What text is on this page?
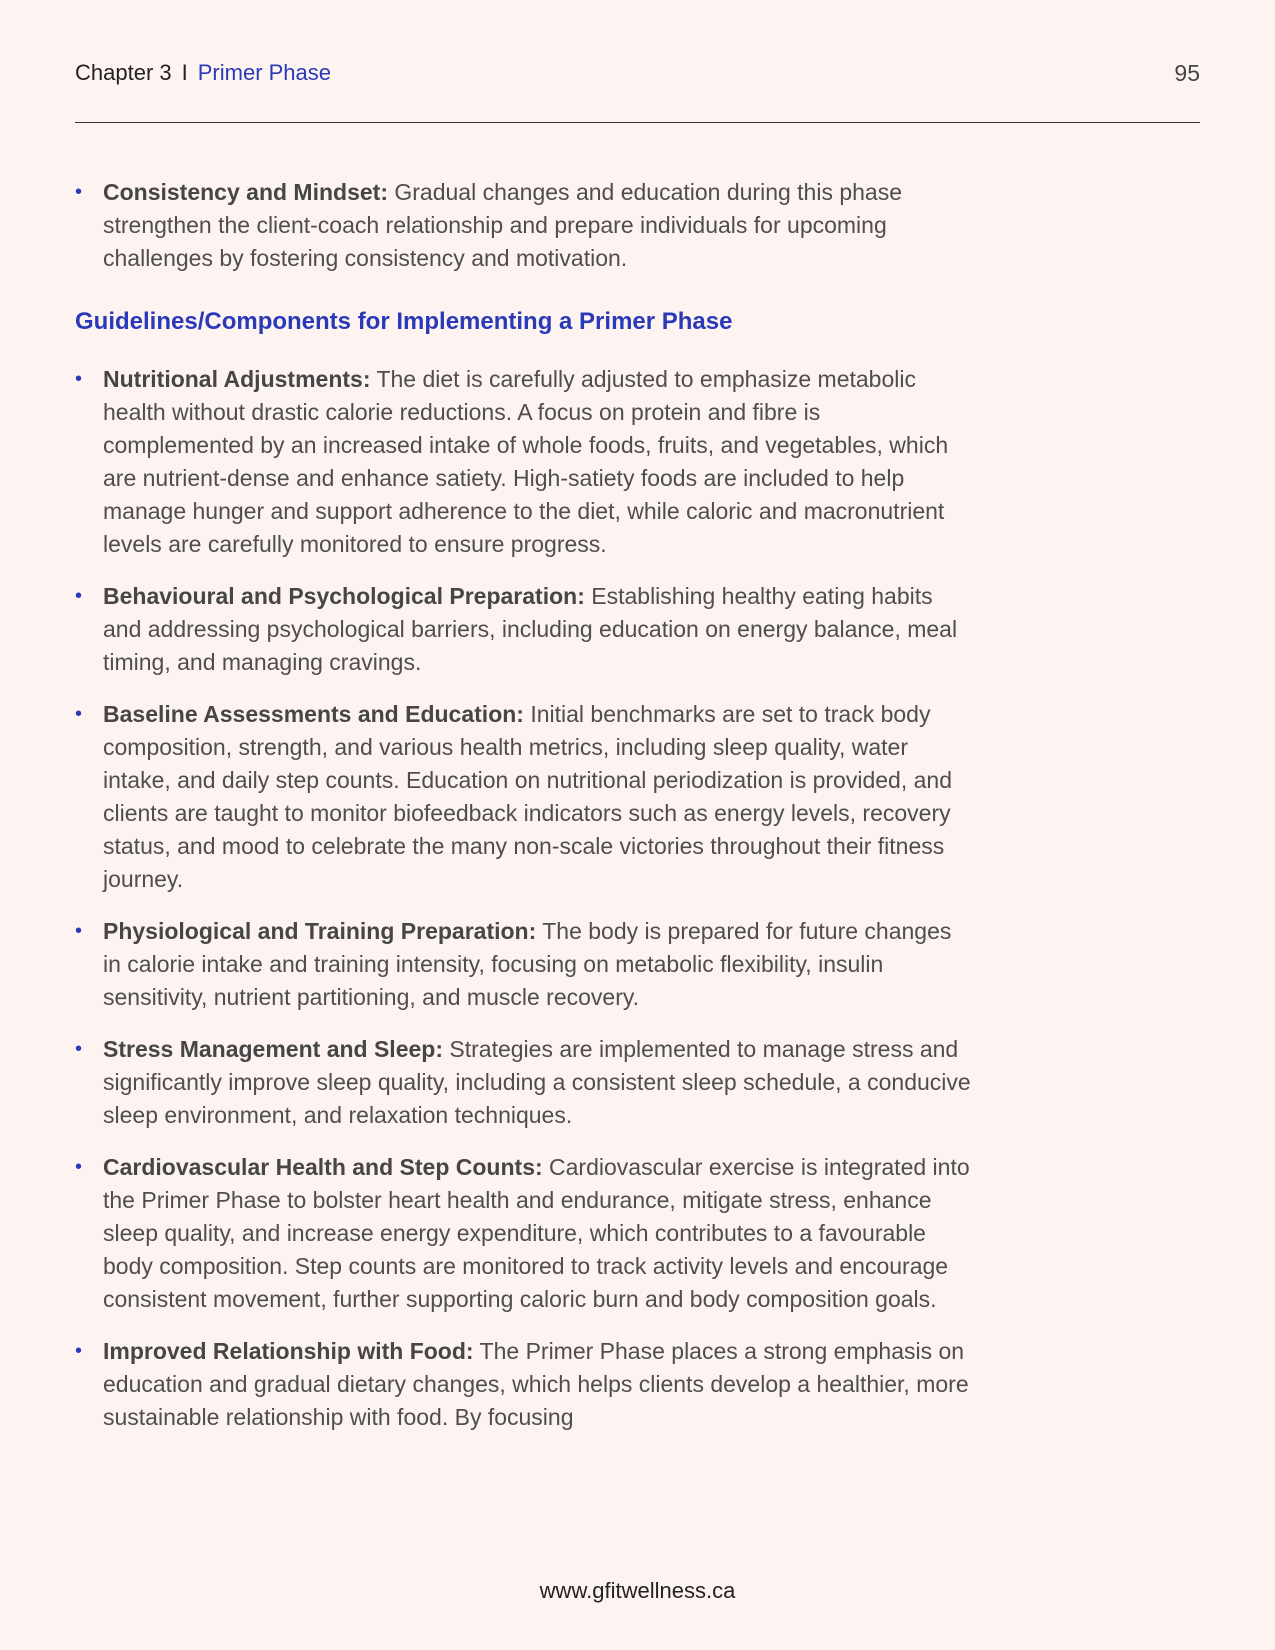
Chapter 3 I Primer Phase	95
• Consistency and Mindset: Gradual changes and education during this phase strengthen the client-coach relationship and prepare individuals for upcoming challenges by fostering consistency and motivation.
Guidelines/Components for Implementing a Primer Phase
• Nutritional Adjustments: The diet is carefully adjusted to emphasize metabolic health without drastic calorie reductions. A focus on protein and fibre is complemented by an increased intake of whole foods, fruits, and vegetables, which are nutrient-dense and enhance satiety. High-satiety foods are included to help manage hunger and support adherence to the diet, while caloric and macronutrient levels are carefully monitored to ensure progress.
• Behavioural and Psychological Preparation: Establishing healthy eating habits and addressing psychological barriers, including education on energy balance, meal timing, and managing cravings.
• Baseline Assessments and Education: Initial benchmarks are set to track body composition, strength, and various health metrics, including sleep quality, water intake, and daily step counts. Education on nutritional periodization is provided, and clients are taught to monitor biofeedback indicators such as energy levels, recovery status, and mood to celebrate the many non-scale victories throughout their fitness journey.
• Physiological and Training Preparation: The body is prepared for future changes in calorie intake and training intensity, focusing on metabolic flexibility, insulin sensitivity, nutrient partitioning, and muscle recovery.
• Stress Management and Sleep: Strategies are implemented to manage stress and significantly improve sleep quality, including a consistent sleep schedule, a conducive sleep environment, and relaxation techniques.
• Cardiovascular Health and Step Counts: Cardiovascular exercise is integrated into the Primer Phase to bolster heart health and endurance, mitigate stress, enhance sleep quality, and increase energy expenditure, which contributes to a favourable body composition. Step counts are monitored to track activity levels and encourage consistent movement, further supporting caloric burn and body composition goals.
• Improved Relationship with Food: The Primer Phase places a strong emphasis on education and gradual dietary changes, which helps clients develop a healthier, more sustainable relationship with food. By focusing
www.gfitwellness.ca
